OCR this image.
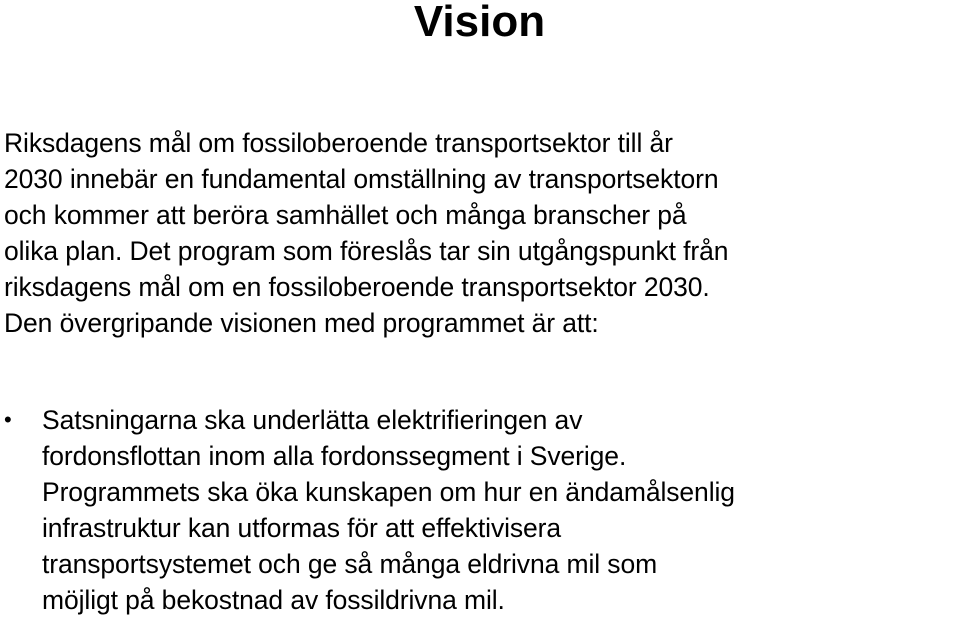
Vision

Riksdagens mål om fossiloberoende transportsektor till år
2030 innebär en fundamental omställning av transportsektorn
och kommer att beröra samhället och många branscher på
olika plan. Det program som föreslås tar sin utgångspunkt från
riksdagens mål om en fossiloberoende transportsektor 2030.
Den övergripande visionen med programmet är att:

• Satsningarna ska underlätta elektrifieringen av
fordonsflottan inom alla fordonssegment i Sverige.
Programmets ska öka kunskapen om hur en ändamålsenlig
infrastruktur kan utformas för att effektivisera
transportsystemet och ge så många eldrivna mil som
möjligt på bekostnad av fossildrivna mil.
